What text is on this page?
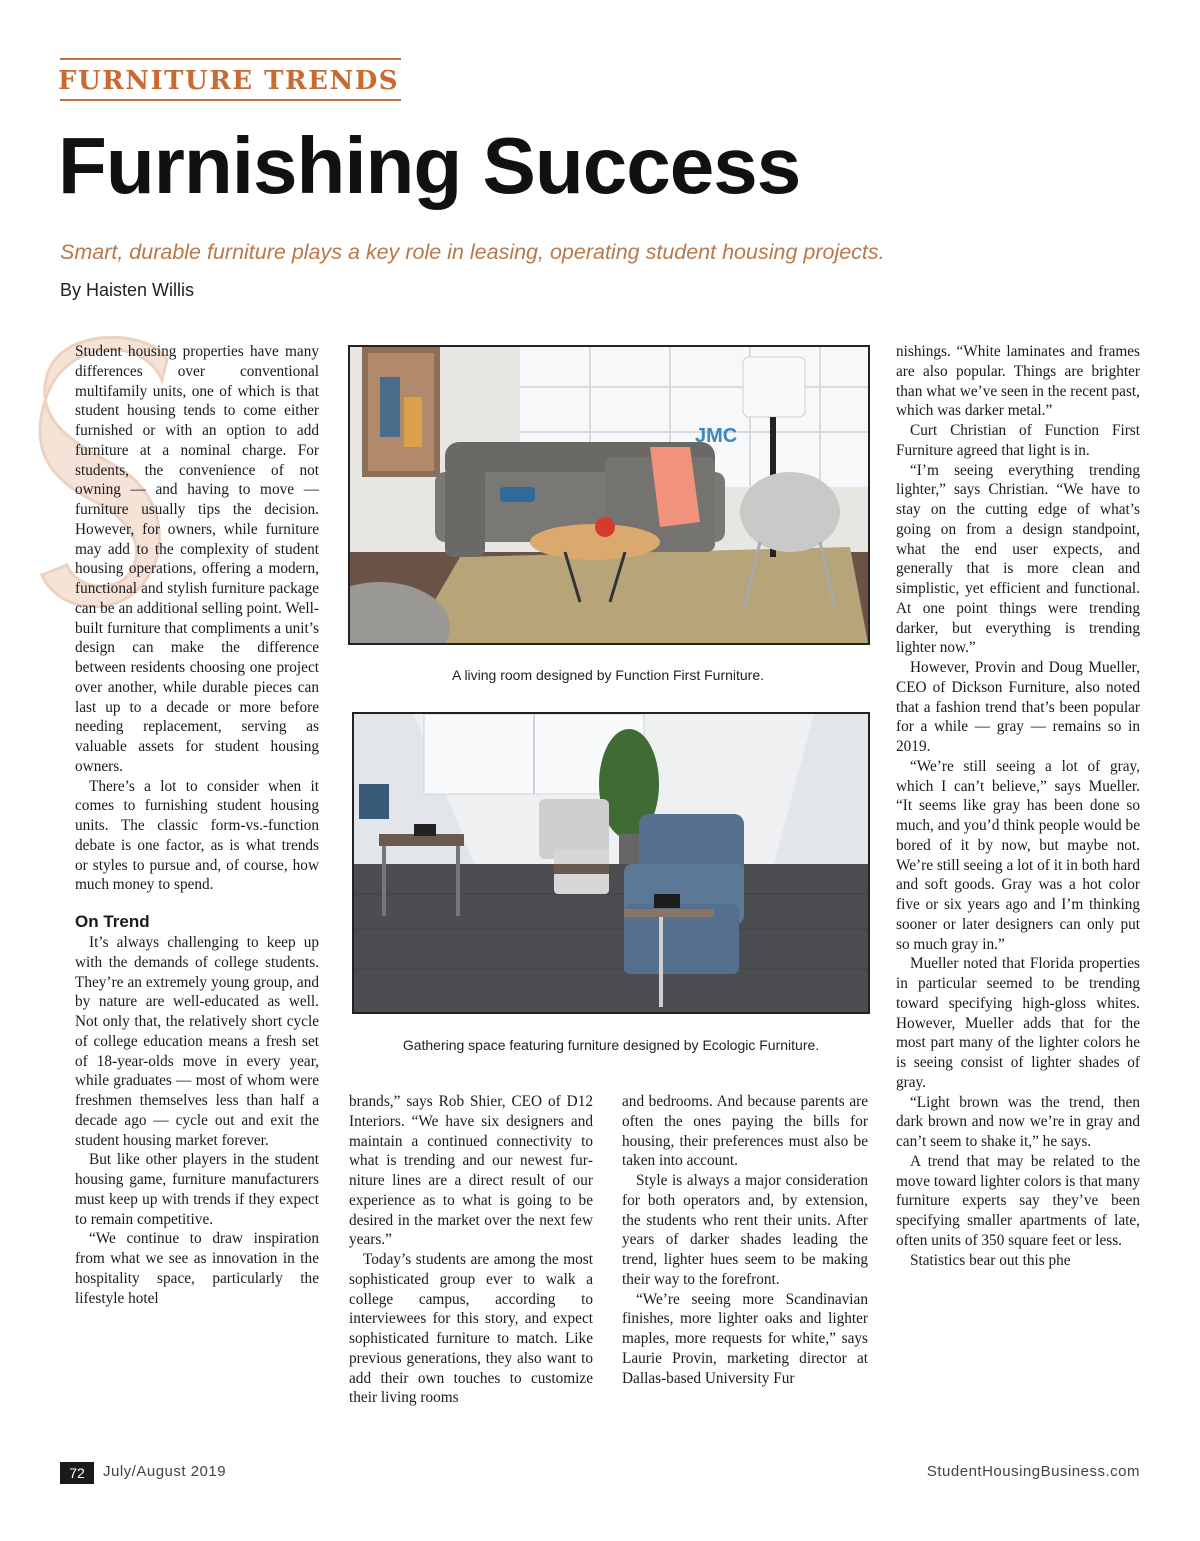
FURNITURE TRENDS
Furnishing Success
Smart, durable furniture plays a key role in leasing, operating student housing projects.
By Haisten Willis

Student housing properties have many differences over conventional multifamily units, one of which is that student housing tends to come either furnished or with an option to add furniture at a nominal charge. For students, the convenience of not owning — and having to move — furniture usually tips the decision. However, for owners, while furniture may add to the complexity of student housing operations, offering a modern, functional and stylish furniture package can be an additional selling point. Well-built furniture that compliments a unit’s design can make the difference between residents choosing one project over another, while durable pieces can last up to a decade or more before needing replacement, serving as valuable assets for student housing owners.

There’s a lot to consider when it comes to furnishing student housing units. The classic form-vs.-function debate is one factor, as is what trends or styles to pursue and, of course, how much money to spend.

On Trend

It’s always challenging to keep up with the demands of college students. They’re an extremely young group, and by nature are well-educated as well. Not only that, the relatively short cycle of college education means a fresh set of 18-year-olds move in every year, while graduates — most of whom were freshmen themselves less than half a decade ago — cycle out and exit the student housing market forever.

But like other players in the student housing game, furniture manufacturers must keep up with trends if they expect to remain competitive.

“We continue to draw inspiration from what we see as innovation in the hospitality space, particularly the lifestyle hotel

JMC
A living room designed by Function First Furniture.
Gathering space featuring furniture designed by Ecologic Furniture.

brands,” says Rob Shier, CEO of D12 Interiors. “We have six designers and maintain a continued connectivity to what is trending and our newest furniture lines are a direct result of our experience as to what is going to be desired in the market over the next few years.”

Today’s students are among the most sophisticated group ever to walk a college campus, according to interviewees for this story, and expect sophisticated furniture to match. Like previous generations, they also want to add their own touches to customize their living rooms

and bedrooms. And because parents are often the ones paying the bills for housing, their preferences must also be taken into account.

Style is always a major consideration for both operators and, by extension, the students who rent their units. After years of darker shades leading the trend, lighter hues seem to be making their way to the forefront.

“We’re seeing more Scandinavian finishes, more lighter oaks and lighter maples, more requests for white,” says Laurie Provin, marketing director at Dallas-based University Fur

nishings. “White laminates and frames are also popular. Things are brighter than what we’ve seen in the recent past, which was darker metal.”

Curt Christian of Function First Furniture agreed that light is in.

“I’m seeing everything trending lighter,” says Christian. “We have to stay on the cutting edge of what’s going on from a design standpoint, what the end user expects, and generally that is more clean and simplistic, yet efficient and functional. At one point things were trending darker, but everything is trending lighter now.”

However, Provin and Doug Mueller, CEO of Dickson Furniture, also noted that a fashion trend that’s been popular for a while — gray — remains so in 2019.

“We’re still seeing a lot of gray, which I can’t believe,” says Mueller. “It seems like gray has been done so much, and you’d think people would be bored of it by now, but maybe not. We’re still seeing a lot of it in both hard and soft goods. Gray was a hot color five or six years ago and I’m thinking sooner or later designers can only put so much gray in.”

Mueller noted that Florida properties in particular seemed to be trending toward specifying high-gloss whites. However, Mueller adds that for the most part many of the lighter colors he is seeing consist of lighter shades of gray.

“Light brown was the trend, then dark brown and now we’re in gray and can’t seem to shake it,” he says.

A trend that may be related to the move toward lighter colors is that many furniture experts say they’ve been specifying smaller apartments of late, often units of 350 square feet or less.

Statistics bear out this phe

72	July/August 2019	StudentHousingBusiness.com
